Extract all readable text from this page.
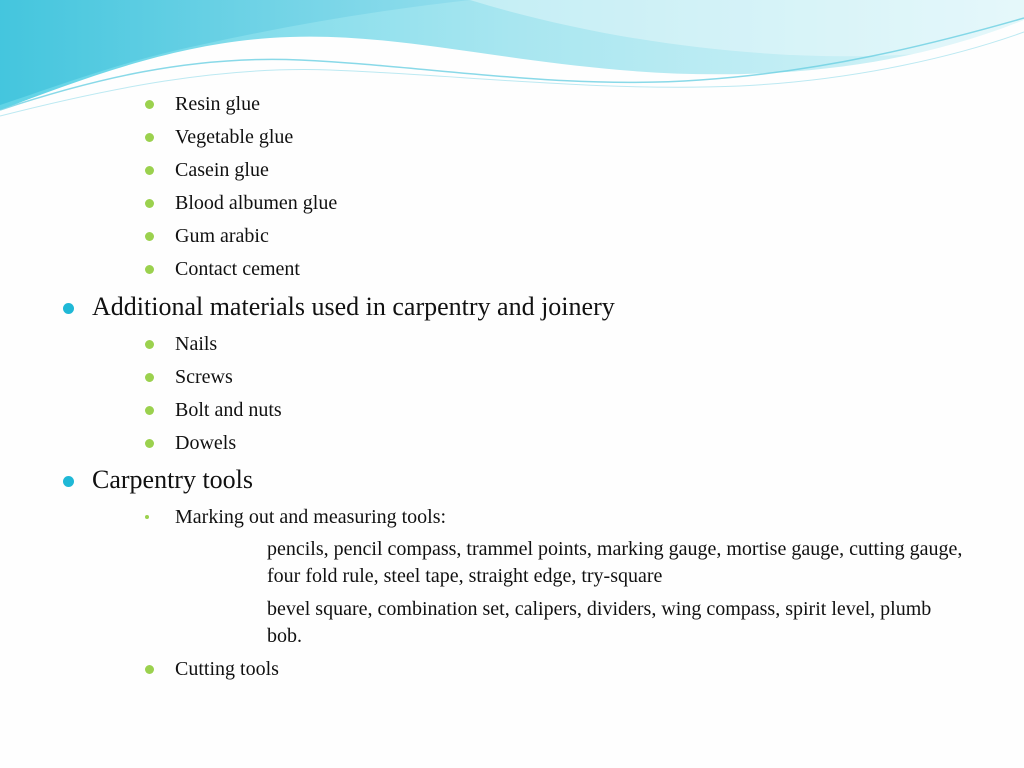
Resin glue
Vegetable glue
Casein glue
Blood albumen glue
Gum arabic
Contact cement
Additional materials used in carpentry and joinery
Nails
Screws
Bolt and nuts
Dowels
Carpentry tools
Marking out and measuring tools:
pencils, pencil compass, trammel points, marking gauge, mortise gauge, cutting gauge, four fold rule, steel tape, straight edge, try-square
bevel square, combination set, calipers, dividers, wing compass, spirit level, plumb bob.
Cutting tools
